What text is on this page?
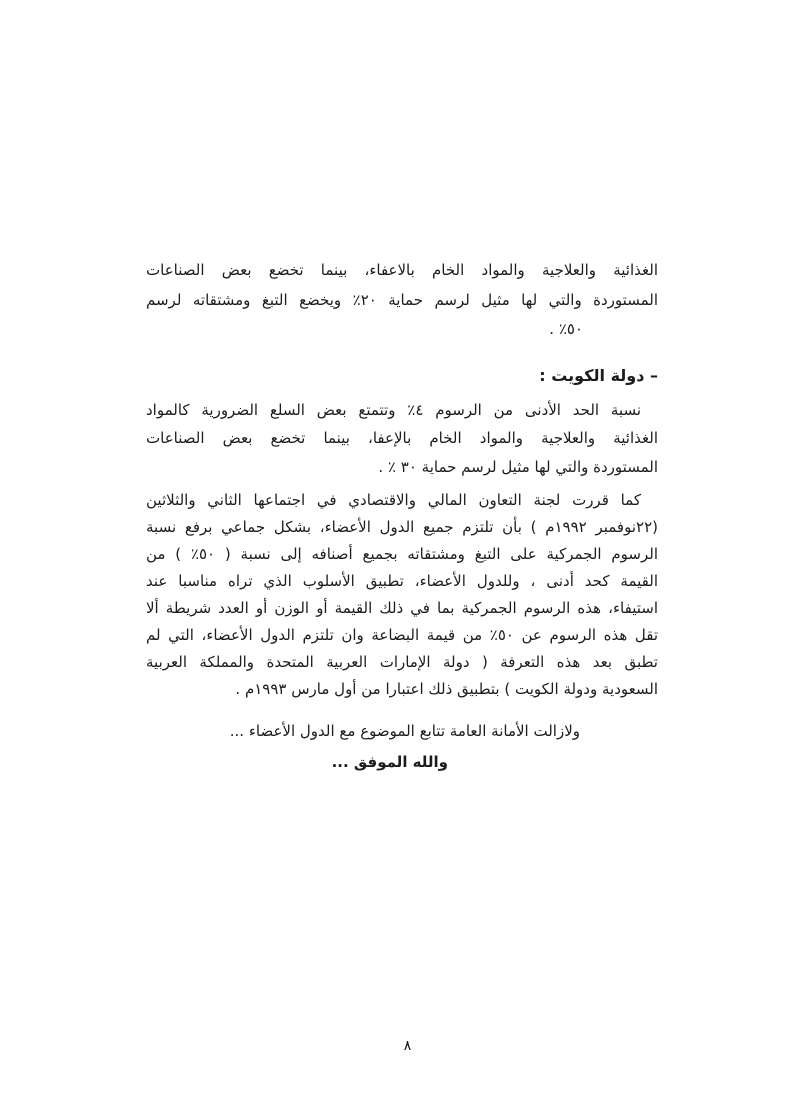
الغذائية والعلاجية والمواد الخام بالاعفاء، بينما تخضع بعض الصناعات
المستوردة والتي لها مثيل لرسم حماية ٢٠٪ ويخضع التبغ ومشتقاته لرسم
٥٠٪ .
– دولة الكويت :
نسبة الحد الأدنى من الرسوم ٤٪ وتتمتع بعض السلع الضرورية كالمواد
الغذائية والعلاجية والمواد الخام بالإعفا، بينما تخضع بعض الصناعات
المستوردة والتي لها مثيل لرسم حماية ٣٠ ٪ .
كما قررت لجنة التعاون المالي والاقتصادي في اجتماعها الثاني والثلاثين
(٢٢نوفمبر ١٩٩٢م ) بأن تلتزم جميع الدول الأعضاء، بشكل جماعي برفع نسبة
الرسوم الجمركية على التبغ ومشتقاته بجميع أصنافه إلى نسبة ( ٥٠٪ ) من
القيمة كحد أدنى ، وللدول الأعضاء، تطبيق الأسلوب الذي تراه مناسبا عند
استيفاء، هذه الرسوم الجمركية بما في ذلك القيمة أو الوزن أو العدد شريطة ألا
تقل هذه الرسوم عن ٥٠٪ من قيمة البضاعة وان تلتزم الدول الأعضاء، التي لم
تطبق بعد هذه التعرفة ( دولة الإمارات العربية المتحدة والمملكة العربية
السعودية ودولة الكويت ) بتطبيق ذلك اعتبارا من أول مارس ١٩٩٣م .
ولازالت الأمانة العامة تتابع الموضوع مع الدول الأعضاء ...
والله الموفق ...
٨
